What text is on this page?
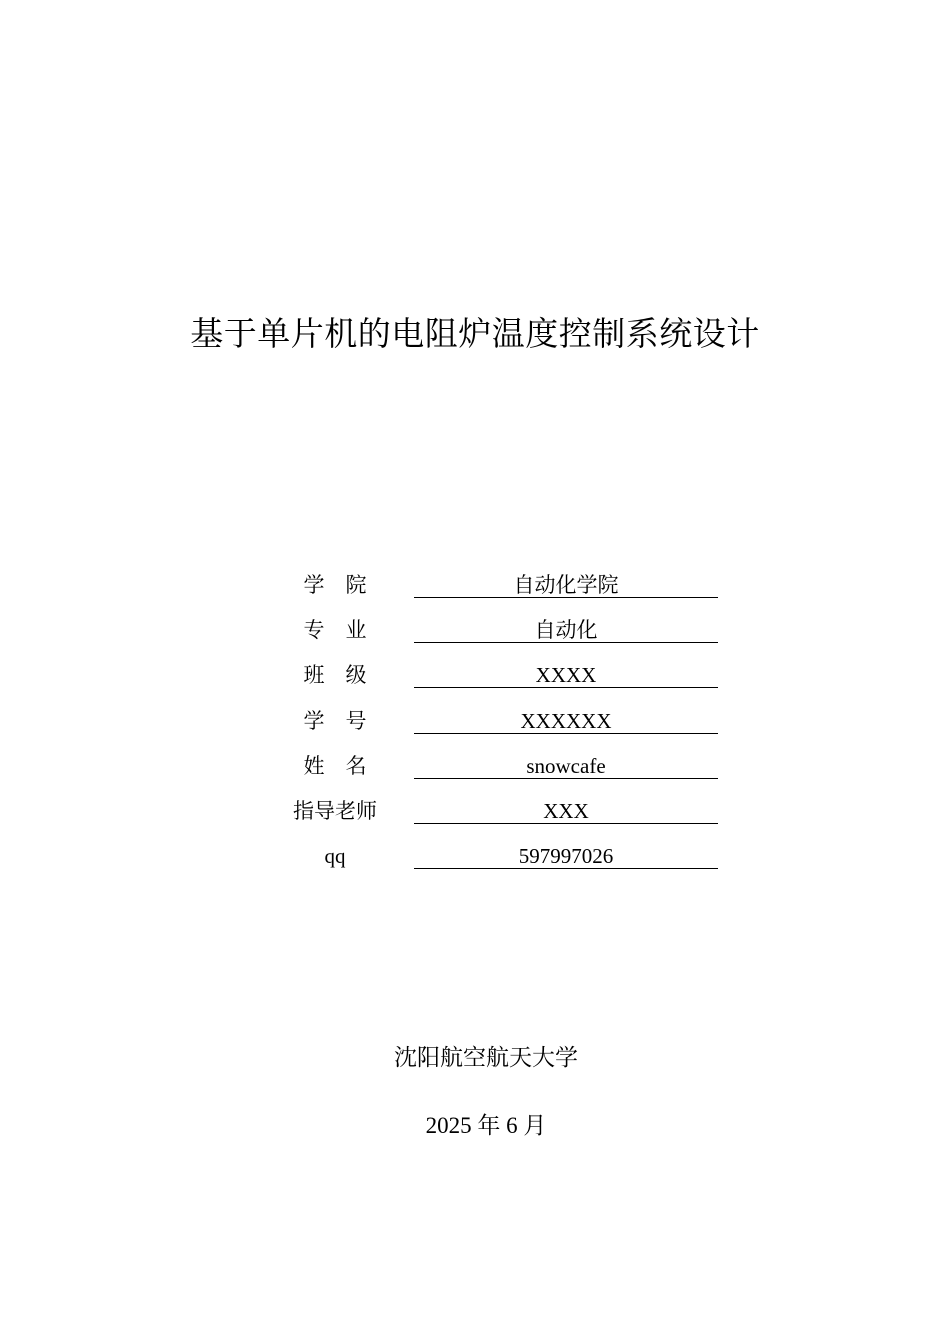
基于单片机的电阻炉温度控制系统设计
学　院	自动化学院
专　业	自动化
班　级	XXXX
学　号	XXXXXX
姓　名	snowcafe
指导老师	XXX
qq	597997026
沈阳航空航天大学
2025 年 6 月
